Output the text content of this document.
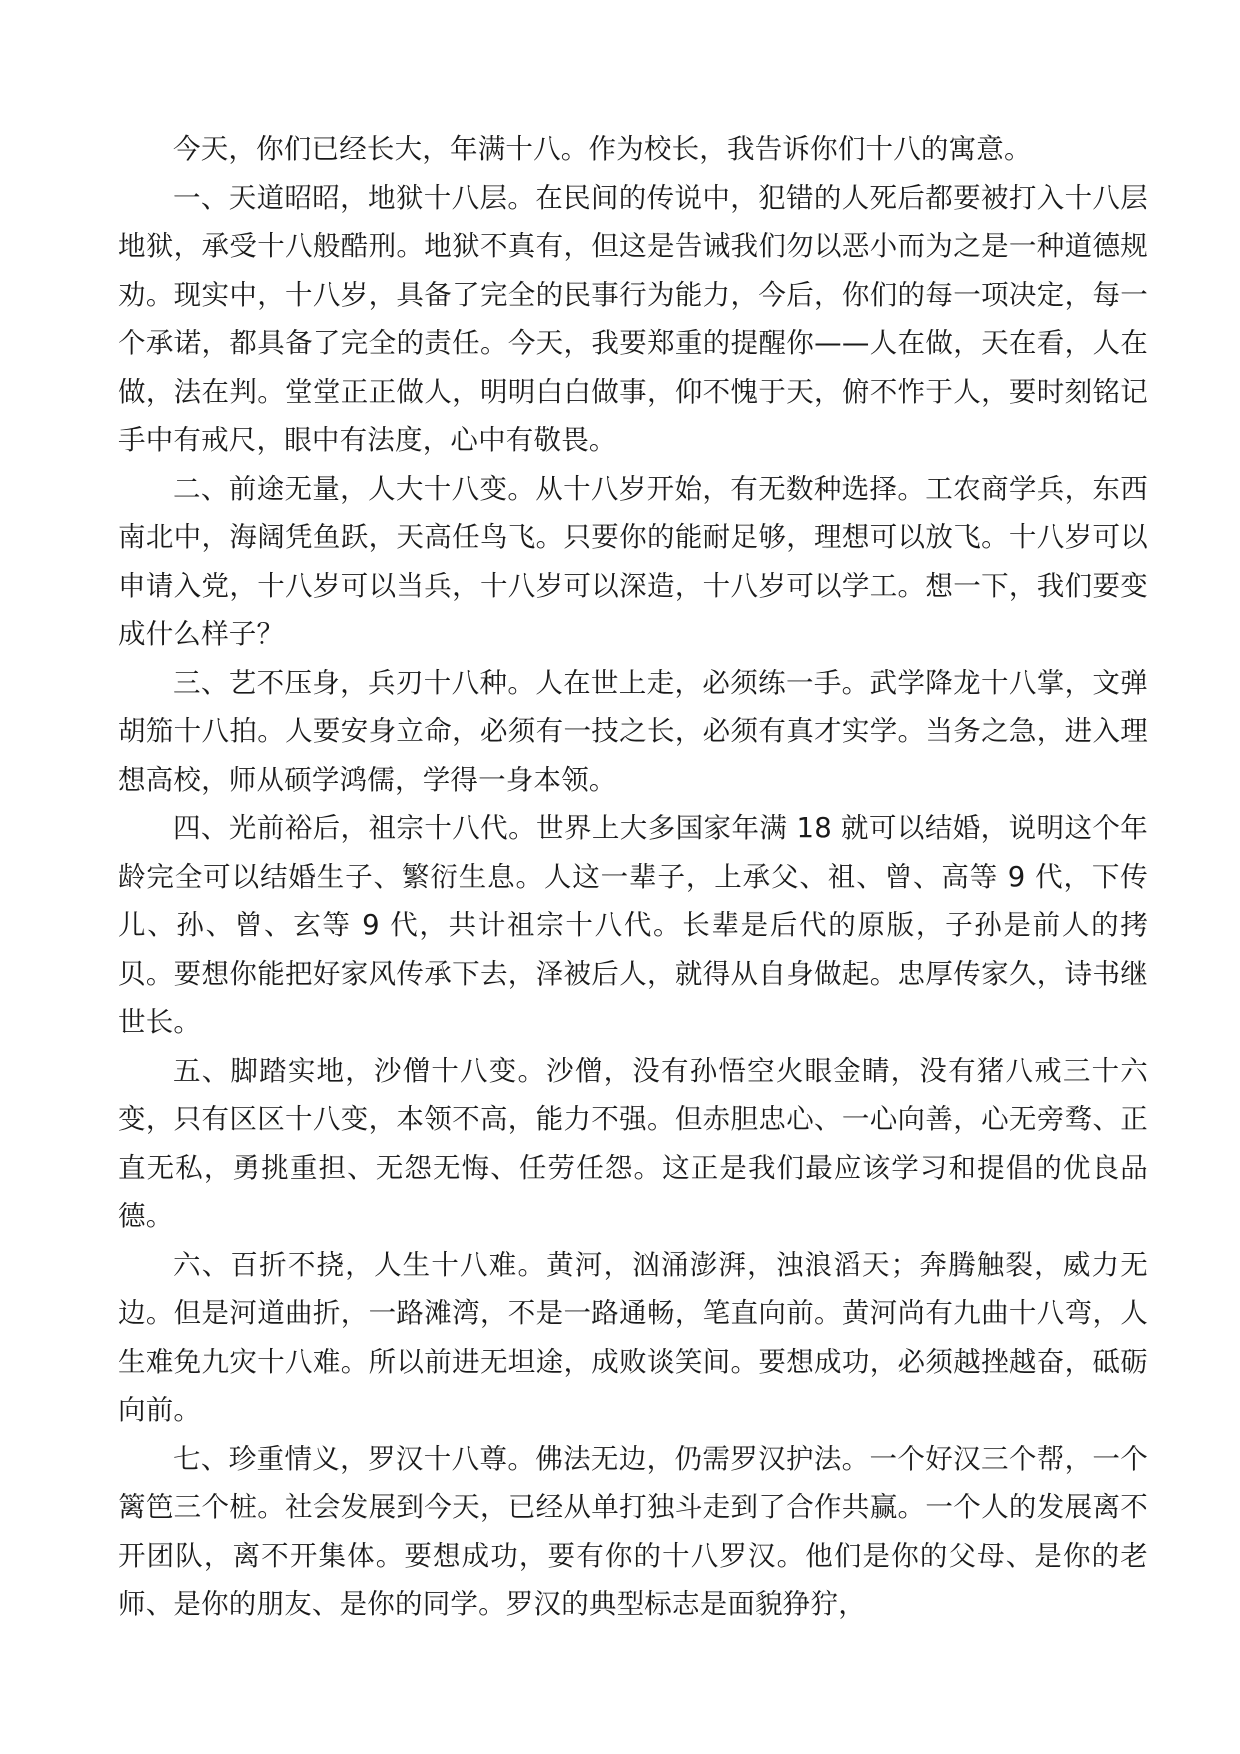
今天，你们已经长大，年满十八。作为校长，我告诉你们十八的寓意。

一、天道昭昭，地狱十八层。在民间的传说中，犯错的人死后都要被打入十八层地狱，承受十八般酷刑。地狱不真有，但这是告诫我们勿以恶小而为之是一种道德规劝。现实中，十八岁，具备了完全的民事行为能力，今后，你们的每一项决定，每一个承诺，都具备了完全的责任。今天，我要郑重的提醒你——人在做，天在看，人在做，法在判。堂堂正正做人，明明白白做事，仰不愧于天，俯不怍于人，要时刻铭记手中有戒尺，眼中有法度，心中有敬畏。

二、前途无量，人大十八变。从十八岁开始，有无数种选择。工农商学兵，东西南北中，海阔凭鱼跃，天高任鸟飞。只要你的能耐足够，理想可以放飞。十八岁可以申请入党，十八岁可以当兵，十八岁可以深造，十八岁可以学工。想一下，我们要变成什么样子？

三、艺不压身，兵刃十八种。人在世上走，必须练一手。武学降龙十八掌，文弹胡笳十八拍。人要安身立命，必须有一技之长，必须有真才实学。当务之急，进入理想高校，师从硕学鸿儒，学得一身本领。

四、光前裕后，祖宗十八代。世界上大多国家年满 18 就可以结婚，说明这个年龄完全可以结婚生子、繁衍生息。人这一辈子，上承父、祖、曾、高等 9 代，下传儿、孙、曾、玄等 9 代，共计祖宗十八代。长辈是后代的原版，子孙是前人的拷贝。要想你能把好家风传承下去，泽被后人，就得从自身做起。忠厚传家久，诗书继世长。

五、脚踏实地，沙僧十八变。沙僧，没有孙悟空火眼金睛，没有猪八戒三十六变，只有区区十八变，本领不高，能力不强。但赤胆忠心、一心向善，心无旁骛、正直无私，勇挑重担、无怨无悔、任劳任怨。这正是我们最应该学习和提倡的优良品德。

六、百折不挠，人生十八难。黄河，汹涌澎湃，浊浪滔天；奔腾触裂，威力无边。但是河道曲折，一路滩湾，不是一路通畅，笔直向前。黄河尚有九曲十八弯，人生难免九灾十八难。所以前进无坦途，成败谈笑间。要想成功，必须越挫越奋，砥砺向前。

七、珍重情义，罗汉十八尊。佛法无边，仍需罗汉护法。一个好汉三个帮，一个篱笆三个桩。社会发展到今天，已经从单打独斗走到了合作共赢。一个人的发展离不开团队，离不开集体。要想成功，要有你的十八罗汉。他们是你的父母、是你的老师、是你的朋友、是你的同学。罗汉的典型标志是面貌狰狞，
